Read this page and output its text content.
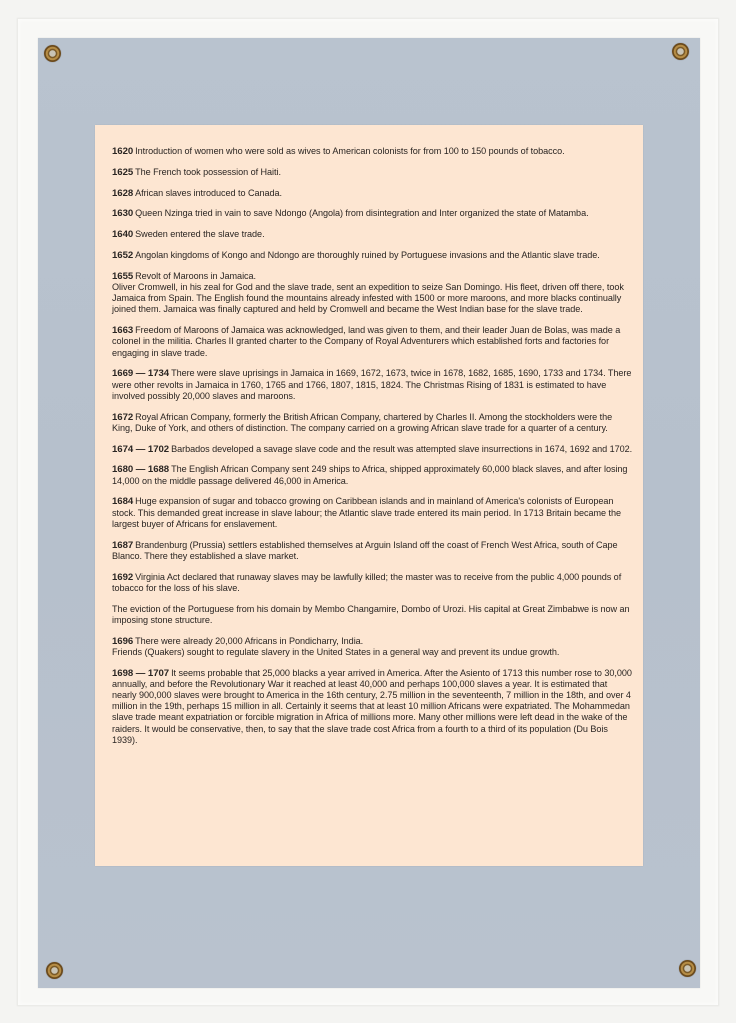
1620 Introduction of women who were sold as wives to American colonists for from 100 to 150 pounds of tobacco.

1625 The French took possession of Haiti.

1628 African slaves introduced to Canada.

1630 Queen Nzinga tried in vain to save Ndongo (Angola) from disintegration and Inter organized the state of Matamba.

1640 Sweden entered the slave trade.

1652 Angolan kingdoms of Kongo and Ndongo are thoroughly ruined by Portuguese invasions and the Atlantic slave trade.

1655 Revolt of Maroons in Jamaica.

Oliver Cromwell, in his zeal for God and the slave trade, sent an expedition to seize San Domingo. His fleet, driven off there, took Jamaica from Spain. The English found the mountains already infested with 1500 or more maroons, and more blacks continually joined them. Jamaica was finally captured and held by Cromwell and became the West Indian base for the slave trade.

1663 Freedom of Maroons of Jamaica was acknowledged, land was given to them, and their leader Juan de Bolas, was made a colonel in the militia. Charles II granted charter to the Company of Royal Adventurers which established forts and factories for engaging in slave trade.

1669 — 1734 There were slave uprisings in Jamaica in 1669, 1672, 1673, twice in 1678, 1682, 1685, 1690, 1733 and 1734. There were other revolts in Jamaica in 1760, 1765 and 1766, 1807, 1815, 1824. The Christmas Rising of 1831 is estimated to have involved possibly 20,000 slaves and maroons.

1672 Royal African Company, formerly the British African Company, chartered by Charles II. Among the stockholders were the King, Duke of York, and others of distinction. The company carried on a growing African slave trade for a quarter of a century.

1674 — 1702 Barbados developed a savage slave code and the result was attempted slave insurrections in 1674, 1692 and 1702.

1680 — 1688 The English African Company sent 249 ships to Africa, shipped approximately 60,000 black slaves, and after losing 14,000 on the middle passage delivered 46,000 in America.

1684 Huge expansion of sugar and tobacco growing on Caribbean islands and in mainland of America's colonists of European stock. This demanded great increase in slave labour; the Atlantic slave trade entered its main period. In 1713 Britain became the largest buyer of Africans for enslavement.

1687 Brandenburg (Prussia) settlers established themselves at Arguin Island off the coast of French West Africa, south of Cape Blanco. There they established a slave market.

1692 Virginia Act declared that runaway slaves may be lawfully killed; the master was to receive from the public 4,000 pounds of tobacco for the loss of his slave.

The eviction of the Portuguese from his domain by Membo Changamire, Dombo of Urozi. His capital at Great Zimbabwe is now an imposing stone structure.

1696 There were already 20,000 Africans in Pondicharry, India.

Friends (Quakers) sought to regulate slavery in the United States in a general way and prevent its undue growth.

1698 — 1707 It seems probable that 25,000 blacks a year arrived in America. After the Asiento of 1713 this number rose to 30,000 annually, and before the Revolutionary War it reached at least 40,000 and perhaps 100,000 slaves a year. It is estimated that nearly 900,000 slaves were brought to America in the 16th century, 2.75 million in the seventeenth, 7 million in the 18th, and over 4 million in the 19th, perhaps 15 million in all. Certainly it seems that at least 10 million Africans were expatriated. The Mohammedan slave trade meant expatriation or forcible migration in Africa of millions more. Many other millions were left dead in the wake of the raiders. It would be conservative, then, to say that the slave trade cost Africa from a fourth to a third of its population (Du Bois 1939).
